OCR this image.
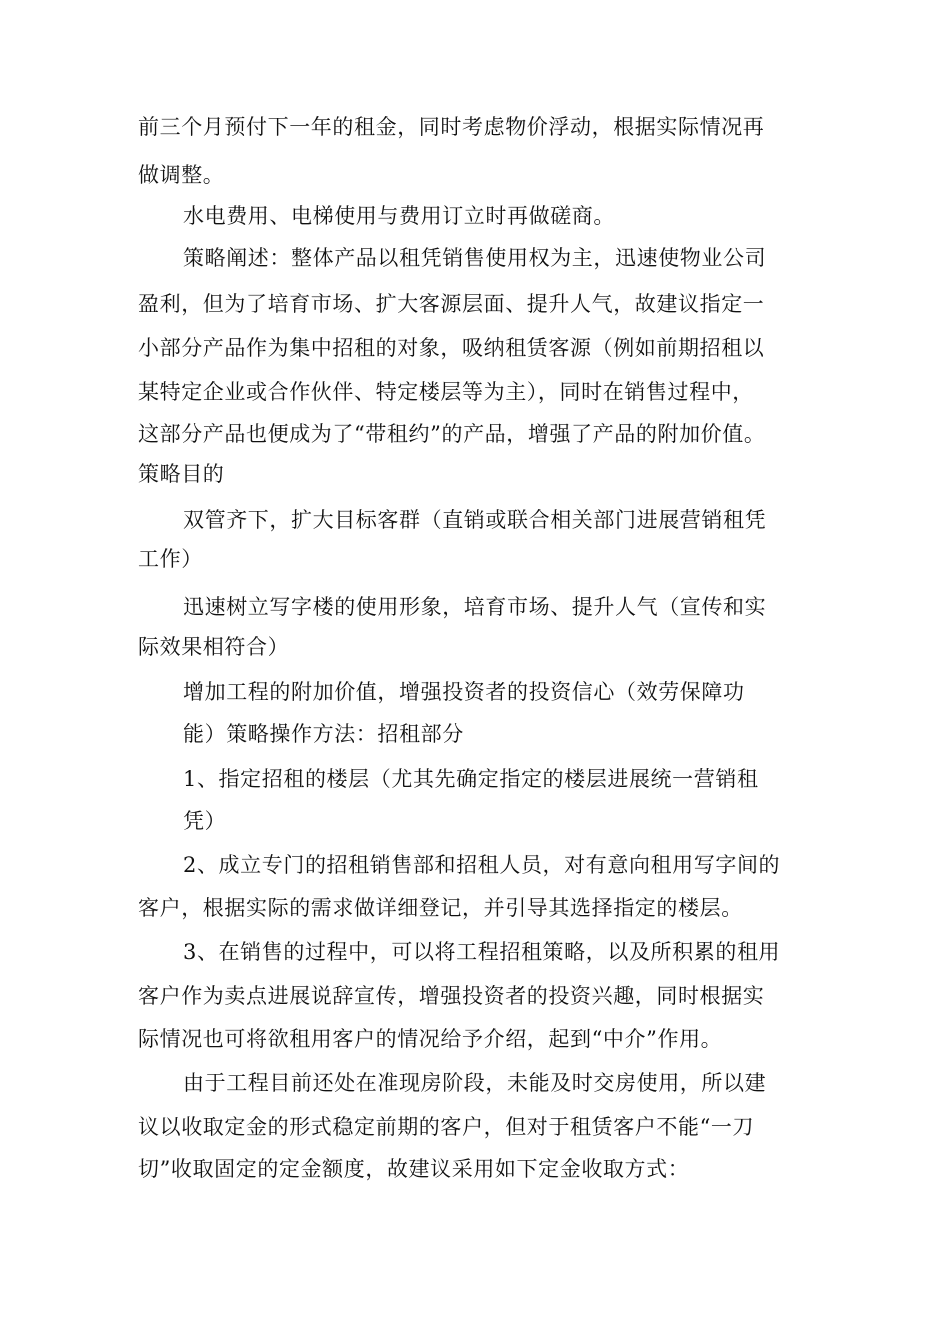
前三个月预付下一年的租金，同时考虑物价浮动，根据实际情况再
做调整。
水电费用、电梯使用与费用订立时再做磋商。
策略阐述：整体产品以租凭销售使用权为主，迅速使物业公司
盈利，但为了培育市场、扩大客源层面、提升人气，故建议指定一
小部分产品作为集中招租的对象，吸纳租赁客源（例如前期招租以
某特定企业或合作伙伴、特定楼层等为主），同时在销售过程中，
这部分产品也便成为了“带租约”的产品，增强了产品的附加价值。
策略目的
双管齐下，扩大目标客群（直销或联合相关部门进展营销租凭
工作）
迅速树立写字楼的使用形象，培育市场、提升人气（宣传和实
际效果相符合）
增加工程的附加价值，增强投资者的投资信心（效劳保障功
能）策略操作方法：招租部分
1、指定招租的楼层（尤其先确定指定的楼层进展统一营销租
凭）
2、成立专门的招租销售部和招租人员，对有意向租用写字间的
客户，根据实际的需求做详细登记，并引导其选择指定的楼层。
3、在销售的过程中，可以将工程招租策略，以及所积累的租用
客户作为卖点进展说辞宣传，增强投资者的投资兴趣，同时根据实
际情况也可将欲租用客户的情况给予介绍，起到“中介”作用。
由于工程目前还处在准现房阶段，未能及时交房使用，所以建
议以收取定金的形式稳定前期的客户，但对于租赁客户不能“一刀
切”收取固定的定金额度，故建议采用如下定金收取方式：
